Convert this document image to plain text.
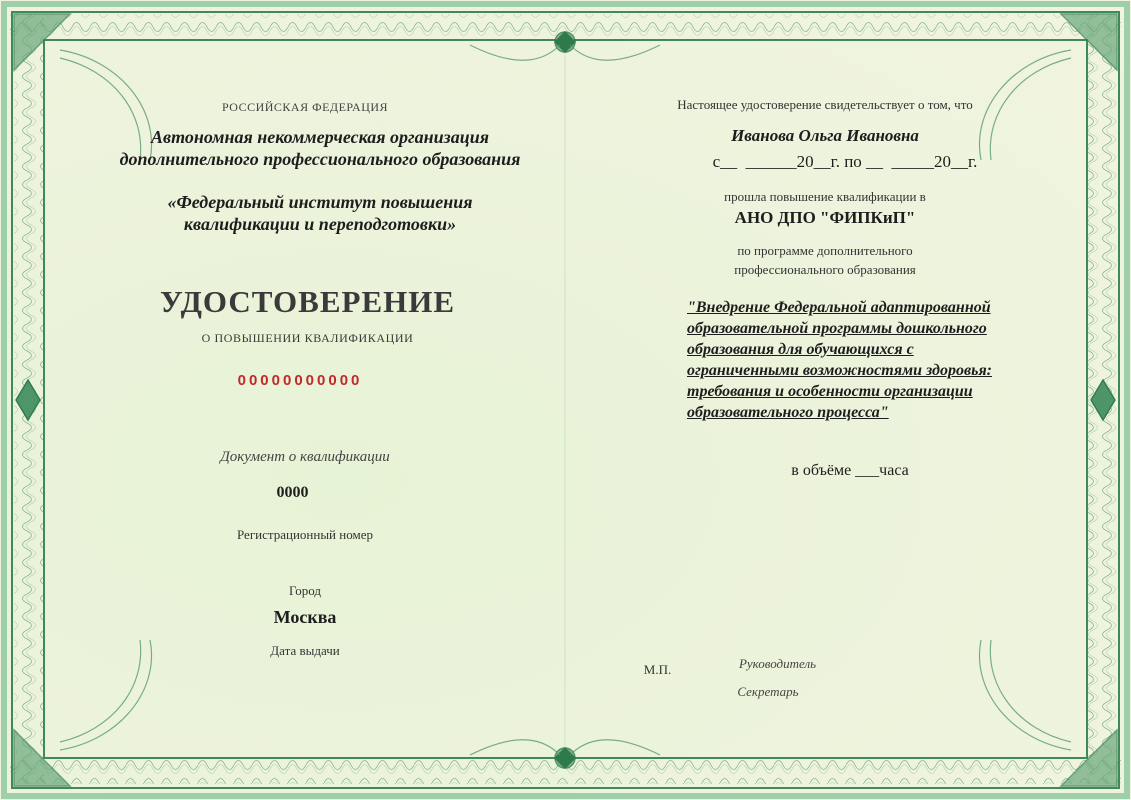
РОССИЙСКАЯ ФЕДЕРАЦИЯ
Автономная некоммерческая организация
дополнительного профессионального образования
«Федеральный институт повышения
квалификации и переподготовки»
УДОСТОВЕРЕНИЕ
О ПОВЫШЕНИИ КВАЛИФИКАЦИИ
00000000000
Документ о квалификации
0000
Регистрационный номер
Город
Москва
Дата выдачи
Настоящее удостоверение свидетельствует о том, что
Иванова Ольга Ивановна
с__  ______20__г. по __  _____20__г.
прошла повышение квалификации в
АНО ДПО "ФИПКиП"
по программе дополнительного
профессионального образования
"Внедрение Федеральной адаптированной
образовательной программы дошкольного
образования для обучающихся с
ограниченными возможностями здоровья:
требования и особенности организации
образовательного процесса"
в объёме ___часа
М.П.	Руководитель
Секретарь
